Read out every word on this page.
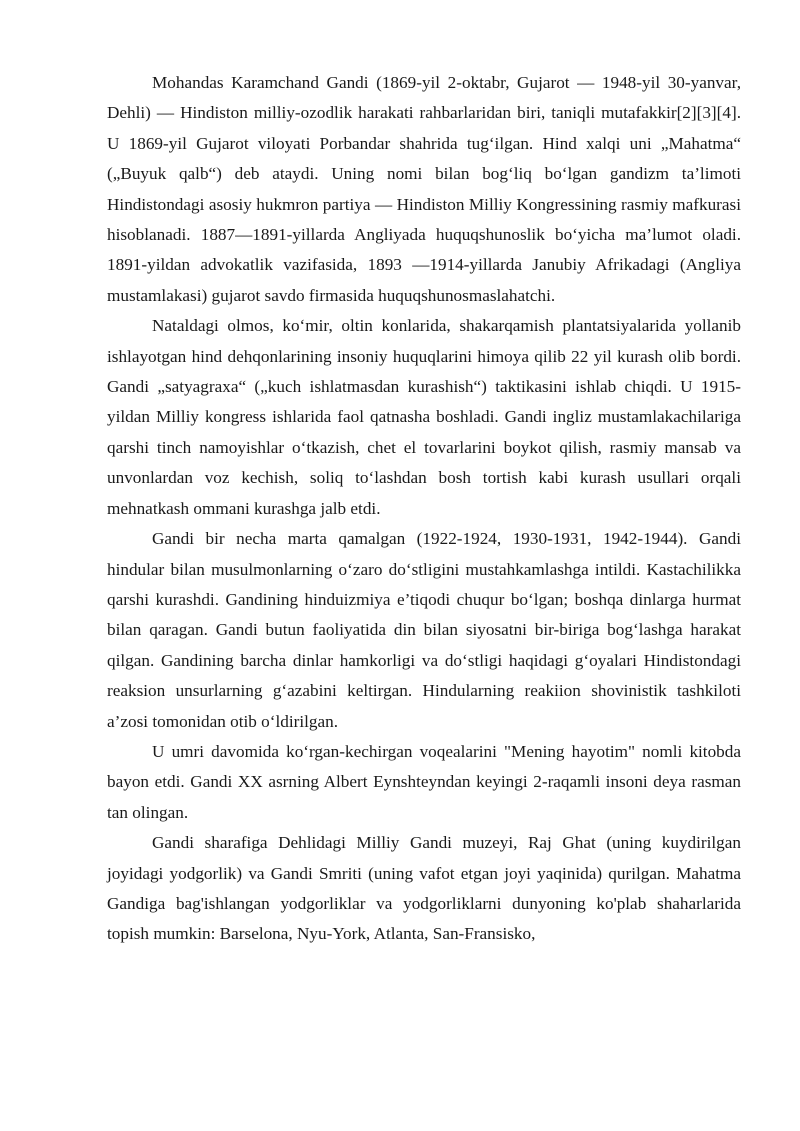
Mohandas Karamchand Gandi (1869-yil 2-oktabr, Gujarot — 1948-yil 30-yanvar, Dehli) — Hindiston milliy-ozodlik harakati rahbarlaridan biri, taniqli mutafakkir[2][3][4]. U 1869-yil Gujarot viloyati Porbandar shahrida tug‘ilgan. Hind xalqi uni „Mahatma“ („Buyuk qalb“) deb ataydi. Uning nomi bilan bog‘liq bo‘lgan gandizm ta’limoti Hindistondagi asosiy hukmron partiya — Hindiston Milliy Kongressining rasmiy mafkurasi hisoblanadi. 1887—1891-yillarda Angliyada huquqshunoslik bo‘yicha ma’lumot oladi. 1891-yildan advokatlik vazifasida, 1893 —1914-yillarda Janubiy Afrikadagi (Angliya mustamlakasi) gujarot savdo firmasida huquqshunosmaslahatchi.

Nataldagi olmos, ko‘mir, oltin konlarida, shakarqamish plantatsiyalarida yollanib ishlayotgan hind dehqonlarining insoniy huquqlarini himoya qilib 22 yil kurash olib bordi. Gandi „satyagraxa“ („kuch ishlatmasdan kurashish“) taktikasini ishlab chiqdi. U 1915-yildan Milliy kongress ishlarida faol qatnasha boshladi. Gandi ingliz mustamlakachilariga qarshi tinch namoyishlar o‘tkazish, chet el tovarlarini boykot qilish, rasmiy mansab va unvonlardan voz kechish, soliq to‘lashdan bosh tortish kabi kurash usullari orqali mehnatkash ommani kurashga jalb etdi.

Gandi bir necha marta qamalgan (1922-1924, 1930-1931, 1942-1944). Gandi hindular bilan musulmonlarning o‘zaro do‘stligini mustahkamlashga intildi. Kastachilikka qarshi kurashdi. Gandining hinduizmiya e’tiqodi chuqur bo‘lgan; boshqa dinlarga hurmat bilan qaragan. Gandi butun faoliyatida din bilan siyosatni bir-biriga bog‘lashga harakat qilgan. Gandining barcha dinlar hamkorligi va do‘stligi haqidagi g‘oyalari Hindistondagi reaksion unsurlarning g‘azabini keltirgan. Hindularning reakiion shovinistik tashkiloti a’zosi tomonidan otib o‘ldirilgan.

U umri davomida ko‘rgan-kechirgan voqealarini "Mening hayotim" nomli kitobda bayon etdi. Gandi XX asrning Albert Eynshteyndan keyingi 2-raqamli insoni deya rasman tan olingan.

Gandi sharafiga Dehlidagi Milliy Gandi muzeyi, Raj Ghat (uning kuydirilgan joyidagi yodgorlik) va Gandi Smriti (uning vafot etgan joyi yaqinida) qurilgan. Mahatma Gandiga bag'ishlangan yodgorliklar va yodgorliklarni dunyoning ko'plab shaharlarida topish mumkin: Barselona, Nyu-York, Atlanta, San-Fransisko,
